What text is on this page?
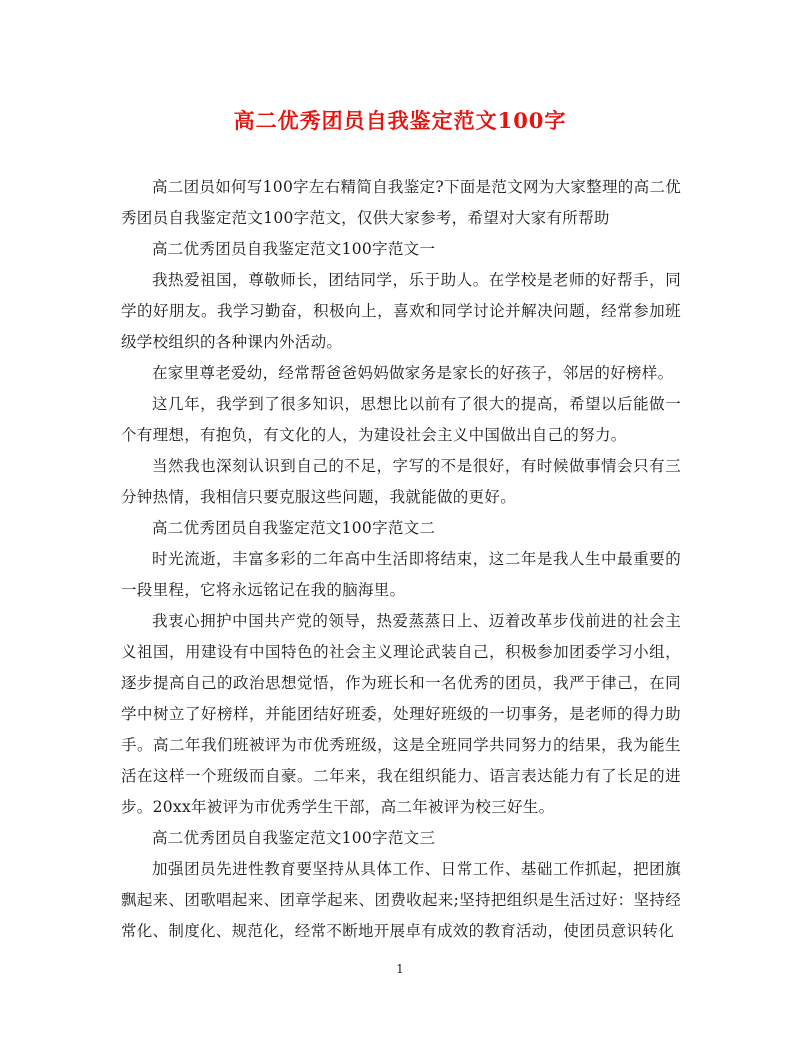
高二优秀团员自我鉴定范文100字

高二团员如何写100字左右精简自我鉴定?下面是范文网为大家整理的高二优秀团员自我鉴定范文100字范文，仅供大家参考，希望对大家有所帮助

高二优秀团员自我鉴定范文100字范文一

我热爱祖国，尊敬师长，团结同学，乐于助人。在学校是老师的好帮手，同学的好朋友。我学习勤奋，积极向上，喜欢和同学讨论并解决问题，经常参加班级学校组织的各种课内外活动。

在家里尊老爱幼，经常帮爸爸妈妈做家务是家长的好孩子，邻居的好榜样。

这几年，我学到了很多知识，思想比以前有了很大的提高，希望以后能做一个有理想，有抱负，有文化的人，为建设社会主义中国做出自己的努力。

当然我也深刻认识到自己的不足，字写的不是很好，有时候做事情会只有三分钟热情，我相信只要克服这些问题，我就能做的更好。

高二优秀团员自我鉴定范文100字范文二

时光流逝，丰富多彩的二年高中生活即将结束，这二年是我人生中最重要的一段里程，它将永远铭记在我的脑海里。

我衷心拥护中国共产党的领导，热爱蒸蒸日上、迈着改革步伐前进的社会主义祖国，用建设有中国特色的社会主义理论武装自己，积极参加团委学习小组，逐步提高自己的政治思想觉悟，作为班长和一名优秀的团员，我严于律己，在同学中树立了好榜样，并能团结好班委，处理好班级的一切事务，是老师的得力助手。高二年我们班被评为市优秀班级，这是全班同学共同努力的结果，我为能生活在这样一个班级而自豪。二年来，我在组织能力、语言表达能力有了长足的进步。20xx年被评为市优秀学生干部，高二年被评为校三好生。

高二优秀团员自我鉴定范文100字范文三

加强团员先进性教育要坚持从具体工作、日常工作、基础工作抓起，把团旗飘起来、团歌唱起来、团章学起来、团费收起来;坚持把组织是生活过好：坚持经常化、制度化、规范化，经常不断地开展卓有成效的教育活动，使团员意识转化

1
